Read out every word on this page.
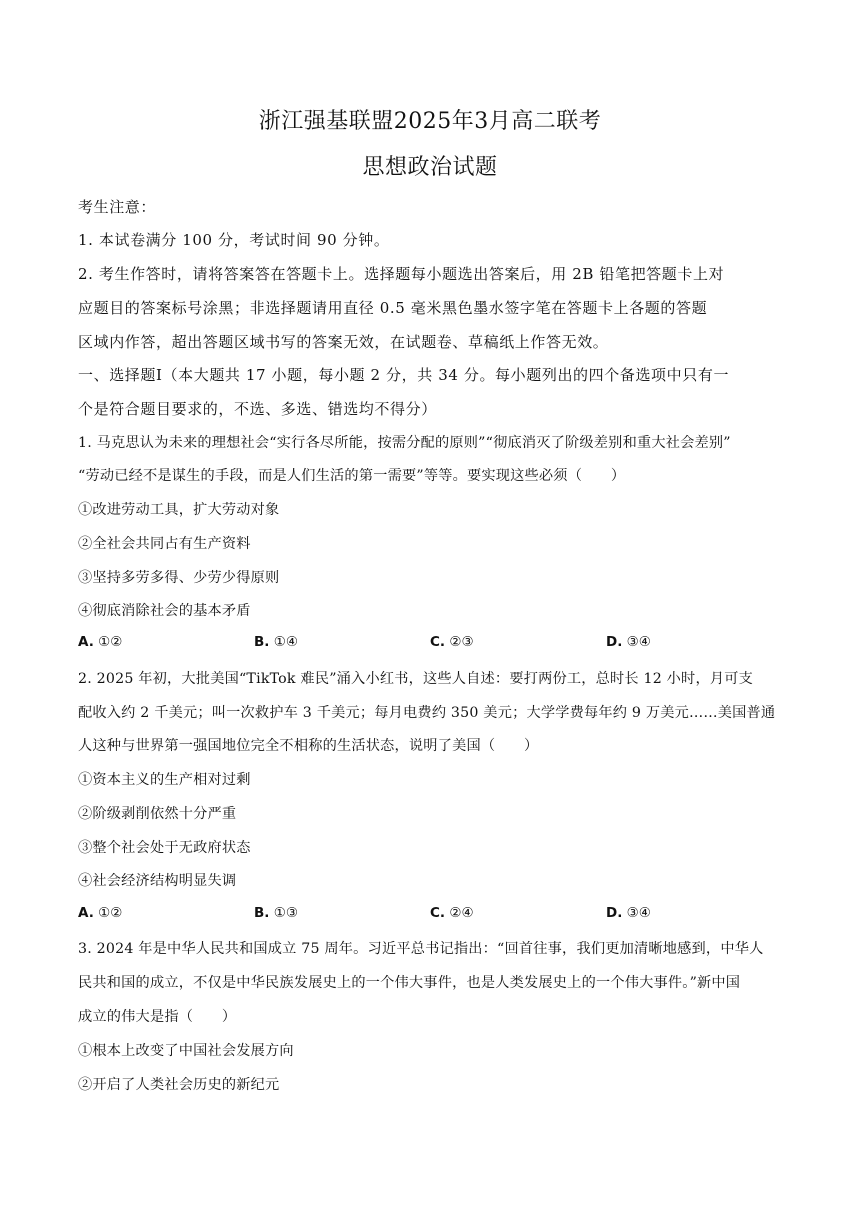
浙江强基联盟2025年3月高二联考
思想政治试题
考生注意：
1. 本试卷满分 100 分，考试时间 90 分钟。
2. 考生作答时，请将答案答在答题卡上。选择题每小题选出答案后，用 2B 铅笔把答题卡上对
应题目的答案标号涂黑；非选择题请用直径 0.5 毫米黑色墨水签字笔在答题卡上各题的答题
区域内作答，超出答题区域书写的答案无效，在试题卷、草稿纸上作答无效。
一、选择题Ⅰ（本大题共 17 小题，每小题 2 分，共 34 分。每小题列出的四个备选项中只有一
个是符合题目要求的，不选、多选、错选均不得分）
1. 马克思认为未来的理想社会“实行各尽所能，按需分配的原则”“彻底消灭了阶级差别和重大社会差别”
“劳动已经不是谋生的手段，而是人们生活的第一需要”等等。要实现这些必须（　　）
①改进劳动工具，扩大劳动对象
②全社会共同占有生产资料
③坚持多劳多得、少劳少得原则
④彻底消除社会的基本矛盾
A. ①②	B. ①④	C. ②③	D. ③④
2. 2025 年初，大批美国“TikTok 难民”涌入小红书，这些人自述：要打两份工，总时长 12 小时，月可支
配收入约 2 千美元；叫一次救护车 3 千美元；每月电费约 350 美元；大学学费每年约 9 万美元……美国普通
人这种与世界第一强国地位完全不相称的生活状态，说明了美国（　　）
①资本主义的生产相对过剩
②阶级剥削依然十分严重
③整个社会处于无政府状态
④社会经济结构明显失调
A. ①②	B. ①③	C. ②④	D. ③④
3. 2024 年是中华人民共和国成立 75 周年。习近平总书记指出：“回首往事，我们更加清晰地感到，中华人
民共和国的成立，不仅是中华民族发展史上的一个伟大事件，也是人类发展史上的一个伟大事件。”新中国
成立的伟大是指（　　）
①根本上改变了中国社会发展方向
②开启了人类社会历史的新纪元
